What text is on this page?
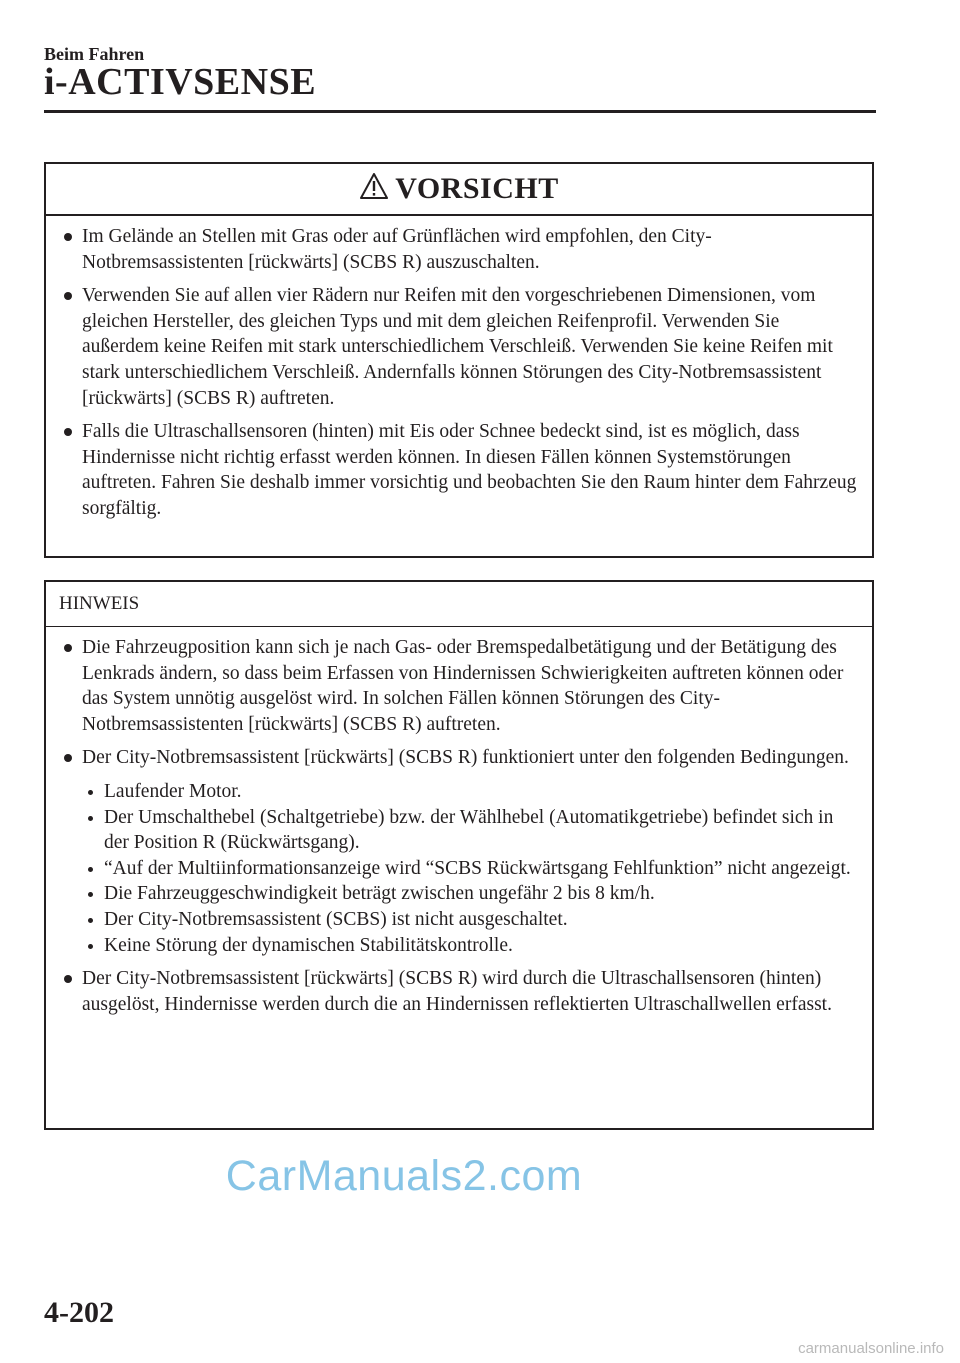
Beim Fahren
i-ACTIVSENSE
VORSICHT
Im Gelände an Stellen mit Gras oder auf Grünflächen wird empfohlen, den City-Notbremsassistenten [rückwärts] (SCBS R) auszuschalten.
Verwenden Sie auf allen vier Rädern nur Reifen mit den vorgeschriebenen Dimensionen, vom gleichen Hersteller, des gleichen Typs und mit dem gleichen Reifenprofil. Verwenden Sie außerdem keine Reifen mit stark unterschiedlichem Verschleiß. Verwenden Sie keine Reifen mit stark unterschiedlichem Verschleiß. Andernfalls können Störungen des City-Notbremsassistent [rückwärts] (SCBS R) auftreten.
Falls die Ultraschallsensoren (hinten) mit Eis oder Schnee bedeckt sind, ist es möglich, dass Hindernisse nicht richtig erfasst werden können. In diesen Fällen können Systemstörungen auftreten. Fahren Sie deshalb immer vorsichtig und beobachten Sie den Raum hinter dem Fahrzeug sorgfältig.
HINWEIS
Die Fahrzeugposition kann sich je nach Gas- oder Bremspedalbetätigung und der Betätigung des Lenkrads ändern, so dass beim Erfassen von Hindernissen Schwierigkeiten auftreten können oder das System unnötig ausgelöst wird. In solchen Fällen können Störungen des City-Notbremsassistenten [rückwärts] (SCBS R) auftreten.
Der City-Notbremsassistent [rückwärts] (SCBS R) funktioniert unter den folgenden Bedingungen.
Laufender Motor.
Der Umschalthebel (Schaltgetriebe) bzw. der Wählhebel (Automatikgetriebe) befindet sich in der Position R (Rückwärtsgang).
“Auf der Multiinformationsanzeige wird “SCBS Rückwärtsgang Fehlfunktion” nicht angezeigt.
Die Fahrzeuggeschwindigkeit beträgt zwischen ungefähr 2 bis 8 km/h.
Der City-Notbremsassistent (SCBS) ist nicht ausgeschaltet.
Keine Störung der dynamischen Stabilitätskontrolle.
Der City-Notbremsassistent [rückwärts] (SCBS R) wird durch die Ultraschallsensoren (hinten) ausgelöst, Hindernisse werden durch die an Hindernissen reflektierten Ultraschallwellen erfasst.
CarManuals2.com
4-202
carmanualsonline.info
